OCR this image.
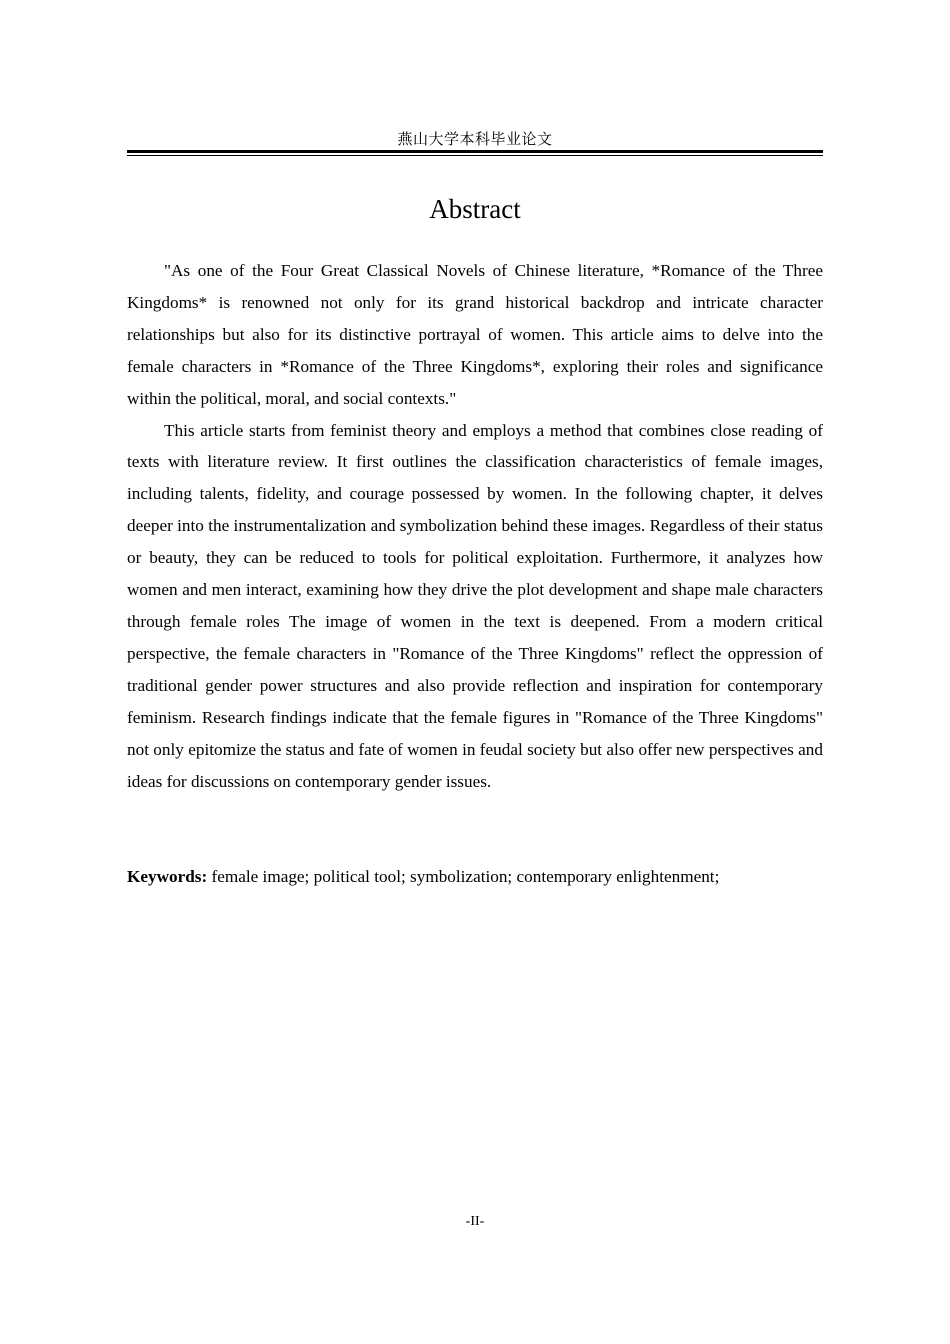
燕山大学本科毕业论文
Abstract

"As one of the Four Great Classical Novels of Chinese literature, *Romance of the Three Kingdoms* is renowned not only for its grand historical backdrop and intricate character relationships but also for its distinctive portrayal of women. This article aims to delve into the female characters in *Romance of the Three Kingdoms*, exploring their roles and significance within the political, moral, and social contexts."

This article starts from feminist theory and employs a method that combines close reading of texts with literature review. It first outlines the classification characteristics of female images, including talents, fidelity, and courage possessed by women. In the following chapter, it delves deeper into the instrumentalization and symbolization behind these images. Regardless of their status or beauty, they can be reduced to tools for political exploitation. Furthermore, it analyzes how women and men interact, examining how they drive the plot development and shape male characters through female roles The image of women in the text is deepened. From a modern critical perspective, the female characters in "Romance of the Three Kingdoms" reflect the oppression of traditional gender power structures and also provide reflection and inspiration for contemporary feminism. Research findings indicate that the female figures in "Romance of the Three Kingdoms" not only epitomize the status and fate of women in feudal society but also offer new perspectives and ideas for discussions on contemporary gender issues.

Keywords: female image; political tool; symbolization; contemporary enlightenment;
-II-
